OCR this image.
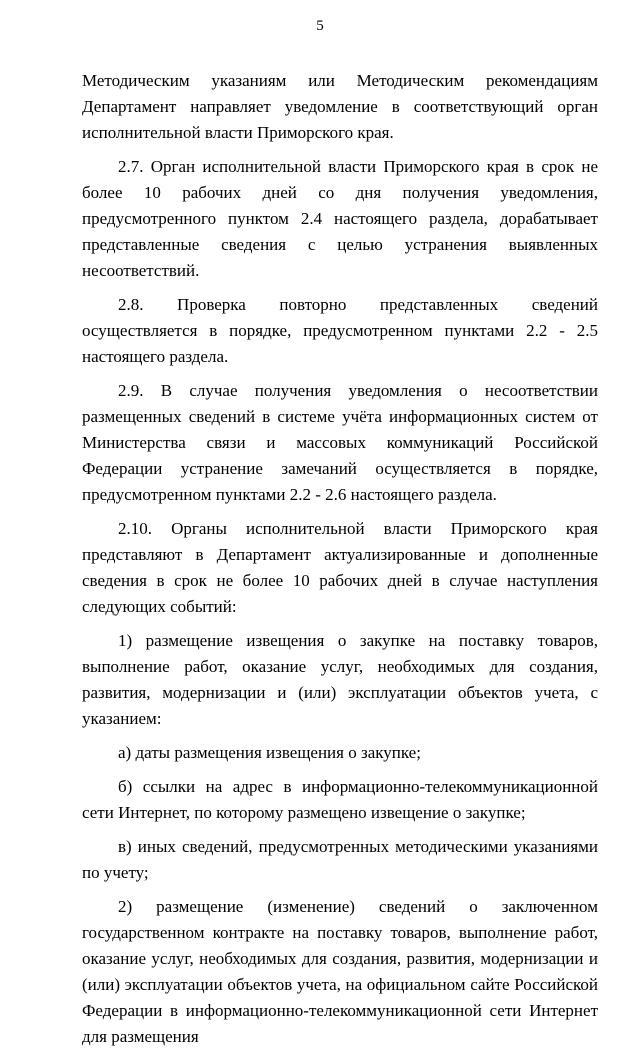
5

Методическим указаниям или Методическим рекомендациям Департамент направляет уведомление в соответствующий орган исполнительной власти Приморского края.

2.7. Орган исполнительной власти Приморского края в срок не более 10 рабочих дней со дня получения уведомления, предусмотренного пунктом 2.4 настоящего раздела, дорабатывает представленные сведения с целью устранения выявленных несоответствий.

2.8. Проверка повторно представленных сведений осуществляется в порядке, предусмотренном пунктами 2.2 - 2.5 настоящего раздела.

2.9. В случае получения уведомления о несоответствии размещенных сведений в системе учёта информационных систем от Министерства связи и массовых коммуникаций Российской Федерации устранение замечаний осуществляется в порядке, предусмотренном пунктами 2.2 - 2.6 настоящего раздела.

2.10. Органы исполнительной власти Приморского края представляют в Департамент актуализированные и дополненные сведения в срок не более 10 рабочих дней в случае наступления следующих событий:

1) размещение извещения о закупке на поставку товаров, выполнение работ, оказание услуг, необходимых для создания, развития, модернизации и (или) эксплуатации объектов учета, с указанием:

а) даты размещения извещения о закупке;

б) ссылки на адрес в информационно-телекоммуникационной сети Интернет, по которому размещено извещение о закупке;

в) иных сведений, предусмотренных методическими указаниями по учету;

2) размещение (изменение) сведений о заключенном государственном контракте на поставку товаров, выполнение работ, оказание услуг, необходимых для создания, развития, модернизации и (или) эксплуатации объектов учета, на официальном сайте Российской Федерации в информационно-телекоммуникационной сети Интернет для размещения
